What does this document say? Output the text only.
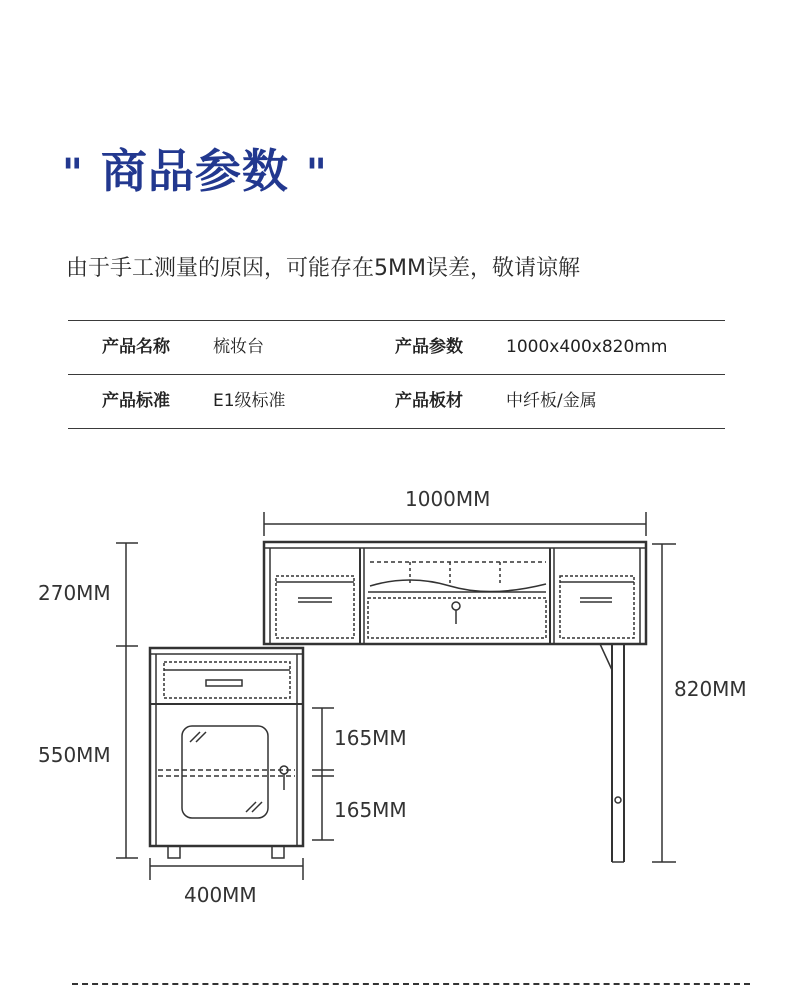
" 商品参数 "
由于手工测量的原因，可能存在5MM误差，敬请谅解
产品名称	梳妆台	产品参数	1000x400x820mm
产品标准	E1级标准	产品板材	中纤板/金属
1000MM
270MM
550MM
820MM
165MM
165MM
400MM
